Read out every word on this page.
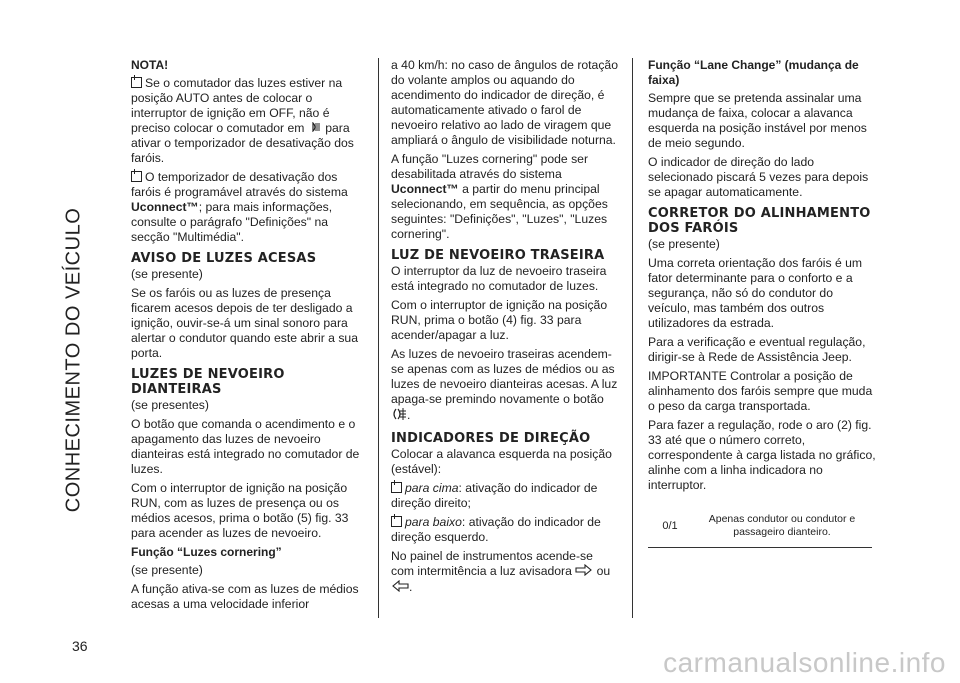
CONHECIMENTO DO VEÍCULO
36
NOTA!

Se o comutador das luzes estiver na posição AUTO antes de colocar o interruptor de ignição em OFF, não é preciso colocar o comutador em para ativar o temporizador de desativação dos faróis.

O temporizador de desativação dos faróis é programável através do sistema Uconnect™; para mais informações, consulte o parágrafo "Definições" na secção "Multimédia".

AVISO DE LUZES ACESAS

(se presente)

Se os faróis ou as luzes de presença ficarem acesos depois de ter desligado a ignição, ouvir-se-á um sinal sonoro para alertar o condutor quando este abrir a sua porta.

LUZES DE NEVOEIRO DIANTEIRAS

(se presentes)

O botão que comanda o acendimento e o apagamento das luzes de nevoeiro dianteiras está integrado no comutador de luzes.

Com o interruptor de ignição na posição RUN, com as luzes de presença ou os médios acesos, prima o botão (5) fig. 33 para acender as luzes de nevoeiro.

Função “Luzes cornering”

(se presente)

A função ativa-se com as luzes de médios acesas a uma velocidade inferior

a 40 km/h: no caso de ângulos de rotação do volante amplos ou aquando do acendimento do indicador de direção, é automaticamente ativado o farol de nevoeiro relativo ao lado de viragem que ampliará o ângulo de visibilidade noturna.

A função "Luzes cornering" pode ser desabilitada através do sistema Uconnect™ a partir do menu principal selecionando, em sequência, as opções seguintes: "Definições", "Luzes", "Luzes cornering".

LUZ DE NEVOEIRO TRASEIRA

O interruptor da luz de nevoeiro traseira está integrado no comutador de luzes.

Com o interruptor de ignição na posição RUN, prima o botão (4) fig. 33 para acender/apagar a luz.

As luzes de nevoeiro traseiras acendem-se apenas com as luzes de médios ou as luzes de nevoeiro dianteiras acesas. A luz apaga-se premindo novamente o botão .

INDICADORES DE DIREÇÃO

Colocar a alavanca esquerda na posição (estável):

para cima: ativação do indicador de direção direito;

para baixo: ativação do indicador de direção esquerdo.

No painel de instrumentos acende-se com intermitência a luz avisadora ou
.

Função “Lane Change” (mudança de faixa)

Sempre que se pretenda assinalar uma mudança de faixa, colocar a alavanca esquerda na posição instável por menos de meio segundo.

O indicador de direção do lado selecionado piscará 5 vezes para depois se apagar automaticamente.

CORRETOR DO ALINHAMENTO DOS FARÓIS

(se presente)

Uma correta orientação dos faróis é um fator determinante para o conforto e a segurança, não só do condutor do veículo, mas também dos outros utilizadores da estrada.

Para a verificação e eventual regulação, dirigir-se à Rede de Assistência Jeep.

IMPORTANTE Controlar a posição de alinhamento dos faróis sempre que muda o peso da carga transportada.

Para fazer a regulação, rode o aro (2) fig. 33 até que o número correto, correspondente à carga listada no gráfico, alinhe com a linha indicadora no interruptor.

0/1
Apenas condutor ou condutor e passageiro dianteiro.
carmanualsonline.info
